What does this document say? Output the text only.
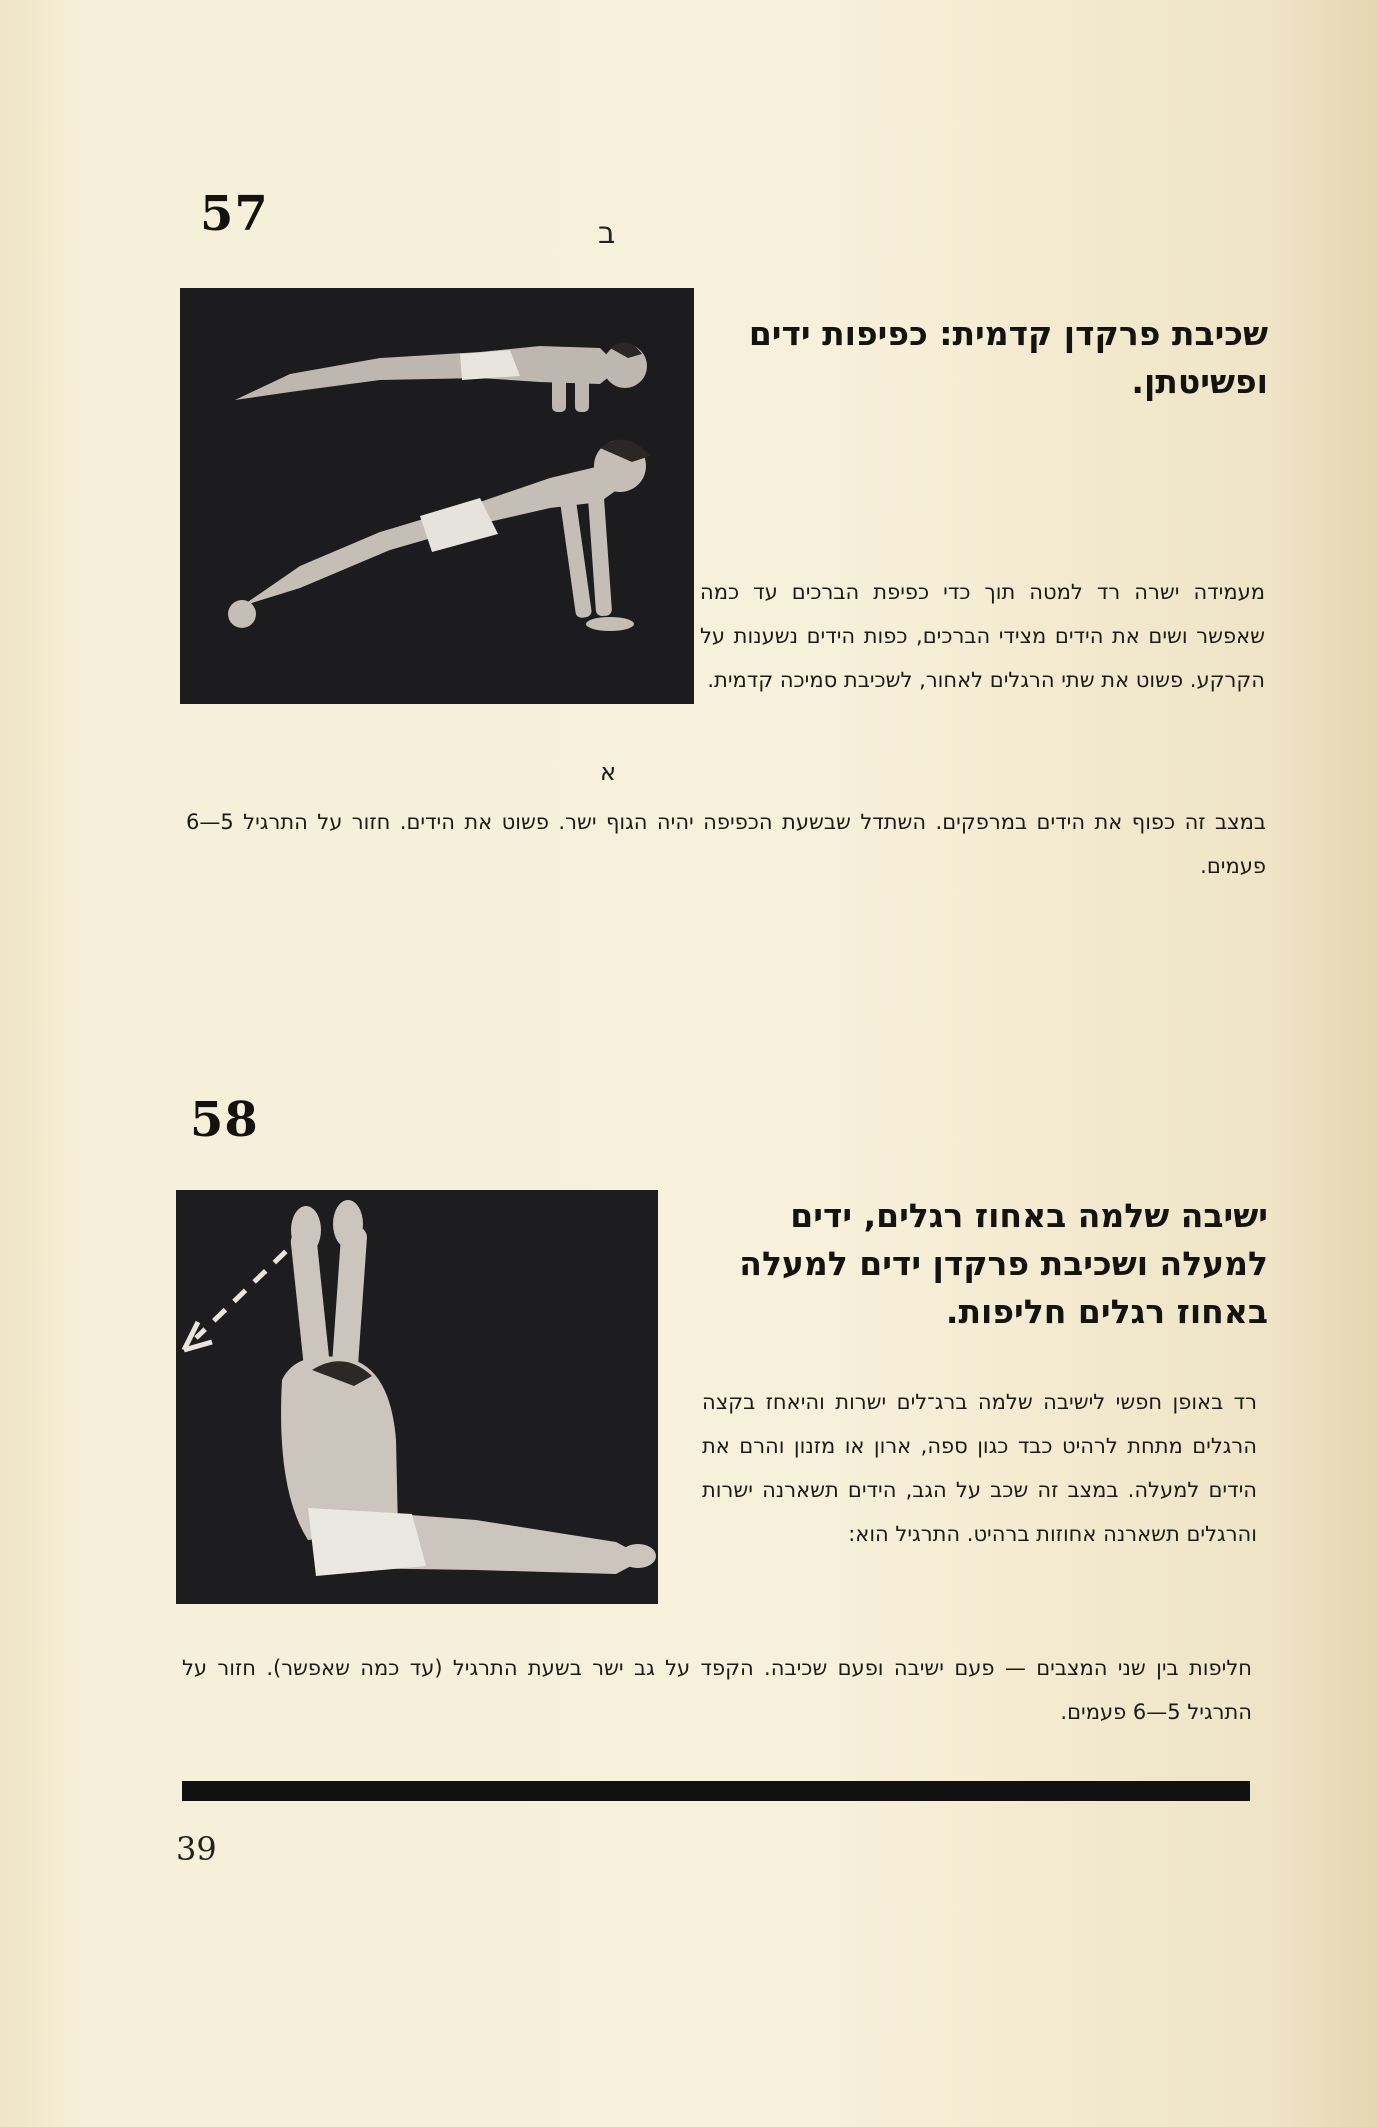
57	ב
שכיבת פרקדן קדמית: כפיפות ידים ופשיטתן.
מעמידה ישרה רד למטה תוך כדי כפיפת הברכים עד כמה שאפשר ושים את הידים מצידי הברכים, כפות הידים נשענות על הקרקע. פשוט את שתי הרגלים לאחור, לשכיבת סמיכה קדמית.
א
במצב זה כפוף את הידים במרפקים. השתדל שבשעת הכפיפה יהיה הגוף ישר. פשוט את הידים. חזור על התרגיל 5—6 פעמים.
58
ישיבה שלמה באחוז רגלים, ידים למעלה ושכיבת פרקדן ידים למעלה באחוז רגלים חליפות.
רד באופן חפשי לישיבה שלמה ברג־לים ישרות והיאחז בקצה הרגלים מתחת לרהיט כבד כגון ספה, ארון או מזנון והרם את הידים למעלה. במצב זה שכב על הגב, הידים תשארנה ישרות והרגלים תשארנה אחוזות ברהיט. התרגיל הוא:
חליפות בין שני המצבים — פעם ישיבה ופעם שכיבה. הקפד על גב ישר בשעת התרגיל (עד כמה שאפשר). חזור על התרגיל 5—6 פעמים.
39
